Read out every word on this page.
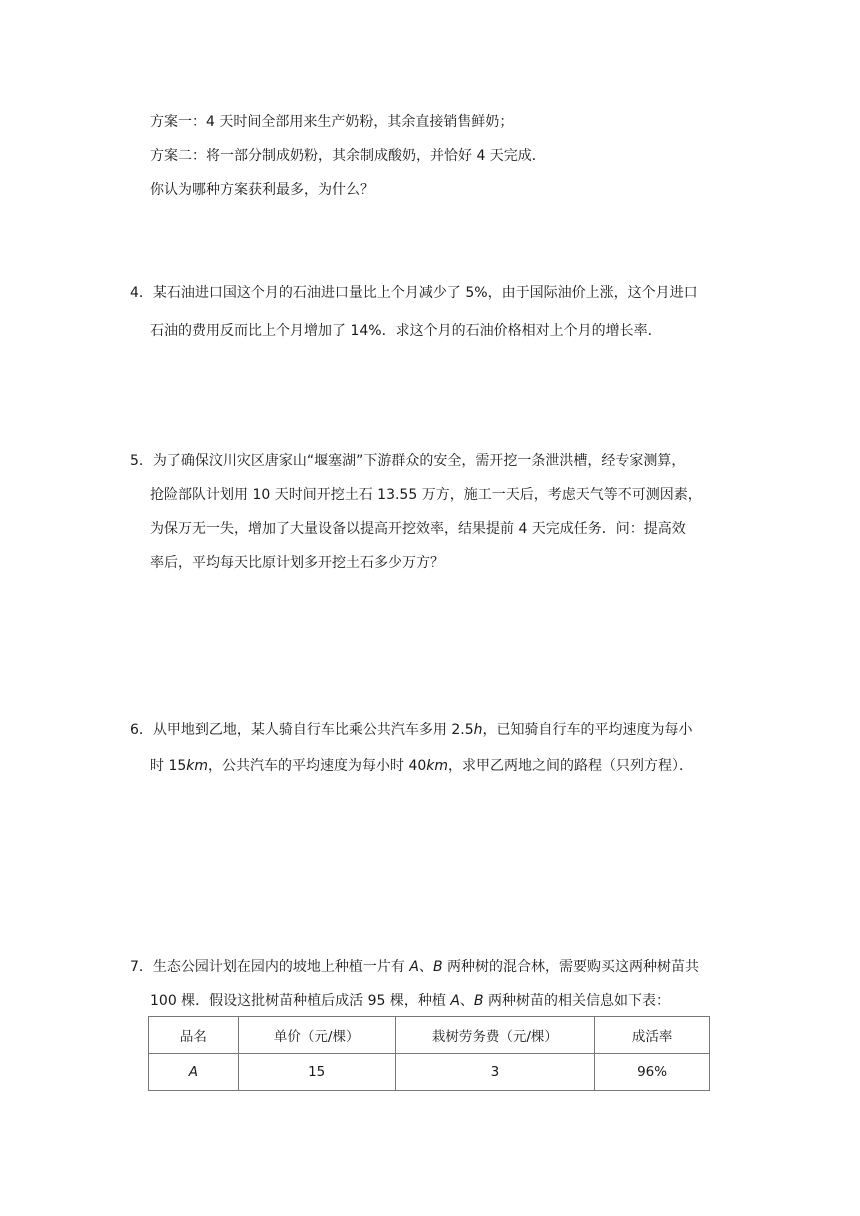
方案一：4 天时间全部用来生产奶粉，其余直接销售鲜奶；
方案二：将一部分制成奶粉，其余制成酸奶，并恰好 4 天完成．
你认为哪种方案获利最多，为什么？
4．某石油进口国这个月的石油进口量比上个月减少了 5%，由于国际油价上涨，这个月进口
石油的费用反而比上个月增加了 14%．求这个月的石油价格相对上个月的增长率．
5．为了确保汶川灾区唐家山“堰塞湖”下游群众的安全，需开挖一条泄洪槽，经专家测算，
抢险部队计划用 10 天时间开挖土石 13.55 万方，施工一天后，考虑天气等不可测因素，
为保万无一失，增加了大量设备以提高开挖效率，结果提前 4 天完成任务．问：提高效
率后，平均每天比原计划多开挖土石多少万方？
6．从甲地到乙地，某人骑自行车比乘公共汽车多用 2.5h，已知骑自行车的平均速度为每小
时 15km，公共汽车的平均速度为每小时 40km，求甲乙两地之间的路程（只列方程）．
7．生态公园计划在园内的坡地上种植一片有 A、B 两种树的混合林，需要购买这两种树苗共
100 棵．假设这批树苗种植后成活 95 棵，种植 A、B 两种树苗的相关信息如下表：
品名	单价（元/棵）	栽树劳务费（元/棵）	成活率
A	15	3	96%
